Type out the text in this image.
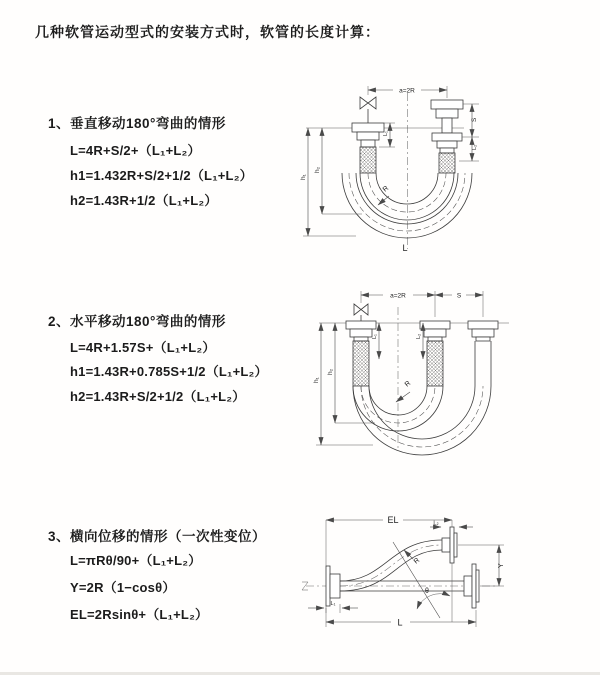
几种软管运动型式的安装方式时，软管的长度计算：
1、垂直移动180°弯曲的情形
L=4R+S/2+（L₁+L₂）
h1=1.432R+S/2+1/2（L₁+L₂）
h2=1.43R+1/2（L₁+L₂）
2、水平移动180°弯曲的情形
L=4R+1.57S+（L₁+L₂）
h1=1.43R+0.785S+1/2（L₁+L₂）
h2=1.43R+S/2+1/2（L₁+L₂）
3、横向位移的情形（一次性变位）
L=πRθ/90+（L₁+L₂）
Y=2R（1−cosθ）
EL=2Rsinθ+（L₁+L₂）
a=2R
R
L
h₁
h₂
L₁
S
L₂
a=2R	S
R
h₁
h₂
L₁	L₂
EL	L₂
Y
L
L₁
θ
R
